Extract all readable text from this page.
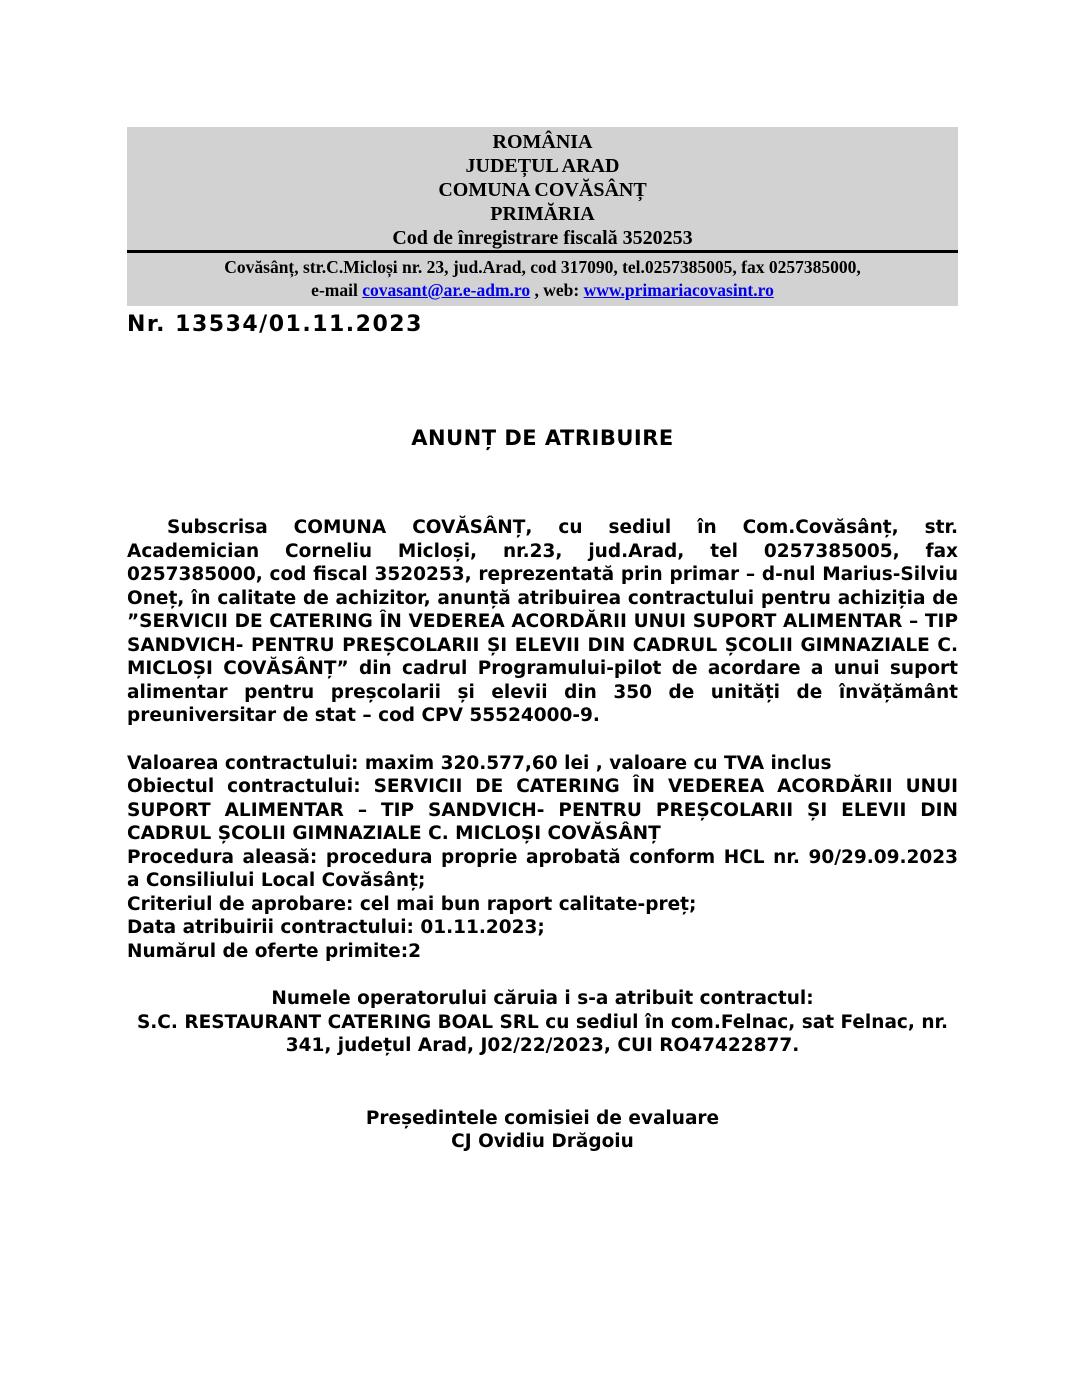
ROMÂNIA
JUDEȚUL ARAD
COMUNA COVĂSÂNȚ
PRIMĂRIA
Cod de înregistrare fiscală 3520253
Covăsânț, str.C.Micloși nr. 23, jud.Arad, cod 317090, tel.0257385005, fax 0257385000,
e-mail covasant@ar.e-adm.ro , web: www.primariacovasint.ro
Nr. 13534/01.11.2023
ANUNȚ DE ATRIBUIRE

Subscrisa COMUNA COVĂSÂNȚ, cu sediul în Com.Covăsânț, str. Academician Corneliu Micloși, nr.23, jud.Arad, tel 0257385005, fax 0257385000, cod fiscal 3520253, reprezentată prin primar – d-nul Marius-Silviu Oneț, în calitate de achizitor, anunță atribuirea contractului pentru achiziția de ”SERVICII DE CATERING ÎN VEDEREA ACORDĂRII UNUI SUPORT ALIMENTAR – TIP SANDVICH- PENTRU PREȘCOLARII ȘI ELEVII DIN CADRUL ȘCOLII GIMNAZIALE C. MICLOȘI COVĂSÂNȚ” din cadrul Programului-pilot de acordare a unui suport alimentar pentru preșcolarii și elevii din 350 de unități de învățământ preuniversitar de stat – cod CPV 55524000-9.

Valoarea contractului: maxim 320.577,60 lei , valoare cu TVA inclus

Obiectul contractului: SERVICII DE CATERING ÎN VEDEREA ACORDĂRII UNUI SUPORT ALIMENTAR – TIP SANDVICH- PENTRU PREȘCOLARII ȘI ELEVII DIN CADRUL ȘCOLII GIMNAZIALE C. MICLOȘI COVĂSÂNȚ

Procedura aleasă: procedura proprie aprobată conform HCL nr. 90/29.09.2023 a Consiliului Local Covăsânț;

Criteriul de aprobare: cel mai bun raport calitate-preț;

Data atribuirii contractului: 01.11.2023;

Numărul de oferte primite:2

Numele operatorului căruia i s-a atribuit contractul:

S.C. RESTAURANT CATERING BOAL SRL cu sediul în com.Felnac, sat Felnac, nr. 341, județul Arad, J02/22/2023, CUI RO47422877.

Președintele comisiei de evaluare

CJ Ovidiu Drăgoiu
